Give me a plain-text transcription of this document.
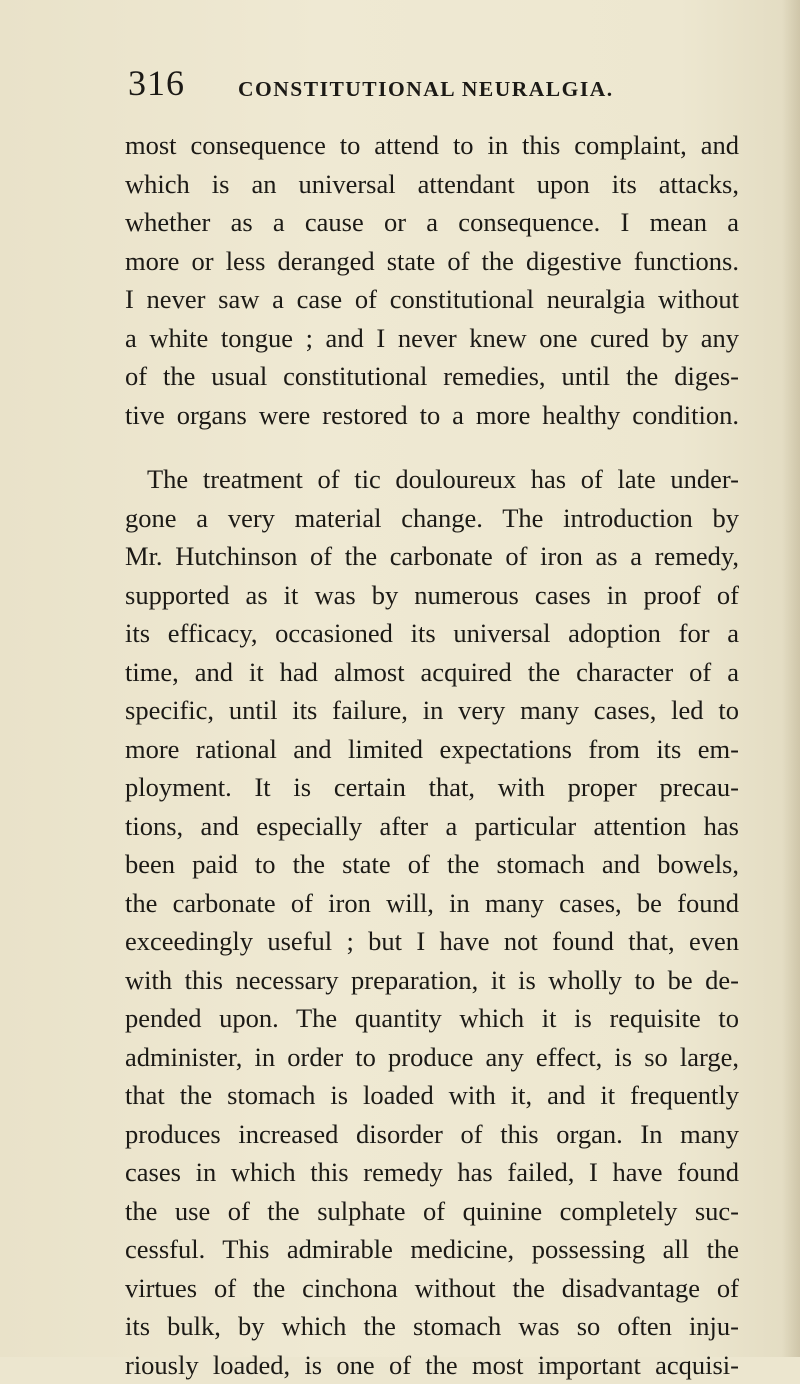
316 CONSTITUTIONAL NEURALGIA.
most consequence to attend to in this complaint, and
which is an universal attendant upon its attacks,
whether as a cause or a consequence. I mean a
more or less deranged state of the digestive functions.
I never saw a case of constitutional neuralgia without
a white tongue ; and I never knew one cured by any
of the usual constitutional remedies, until the diges-
tive organs were restored to a more healthy condition.
The treatment of tic douloureux has of late under-
gone a very material change. The introduction by
Mr. Hutchinson of the carbonate of iron as a remedy,
supported as it was by numerous cases in proof of
its efficacy, occasioned its universal adoption for a
time, and it had almost acquired the character of a
specific, until its failure, in very many cases, led to
more rational and limited expectations from its em-
ployment. It is certain that, with proper precau-
tions, and especially after a particular attention has
been paid to the state of the stomach and bowels,
the carbonate of iron will, in many cases, be found
exceedingly useful ; but I have not found that, even
with this necessary preparation, it is wholly to be de-
pended upon. The quantity which it is requisite to
administer, in order to produce any effect, is so large,
that the stomach is loaded with it, and it frequently
produces increased disorder of this organ. In many
cases in which this remedy has failed, I have found
the use of the sulphate of quinine completely suc-
cessful. This admirable medicine, possessing all the
virtues of the cinchona without the disadvantage of
its bulk, by which the stomach was so often inju-
riously loaded, is one of the most important acquisi-
